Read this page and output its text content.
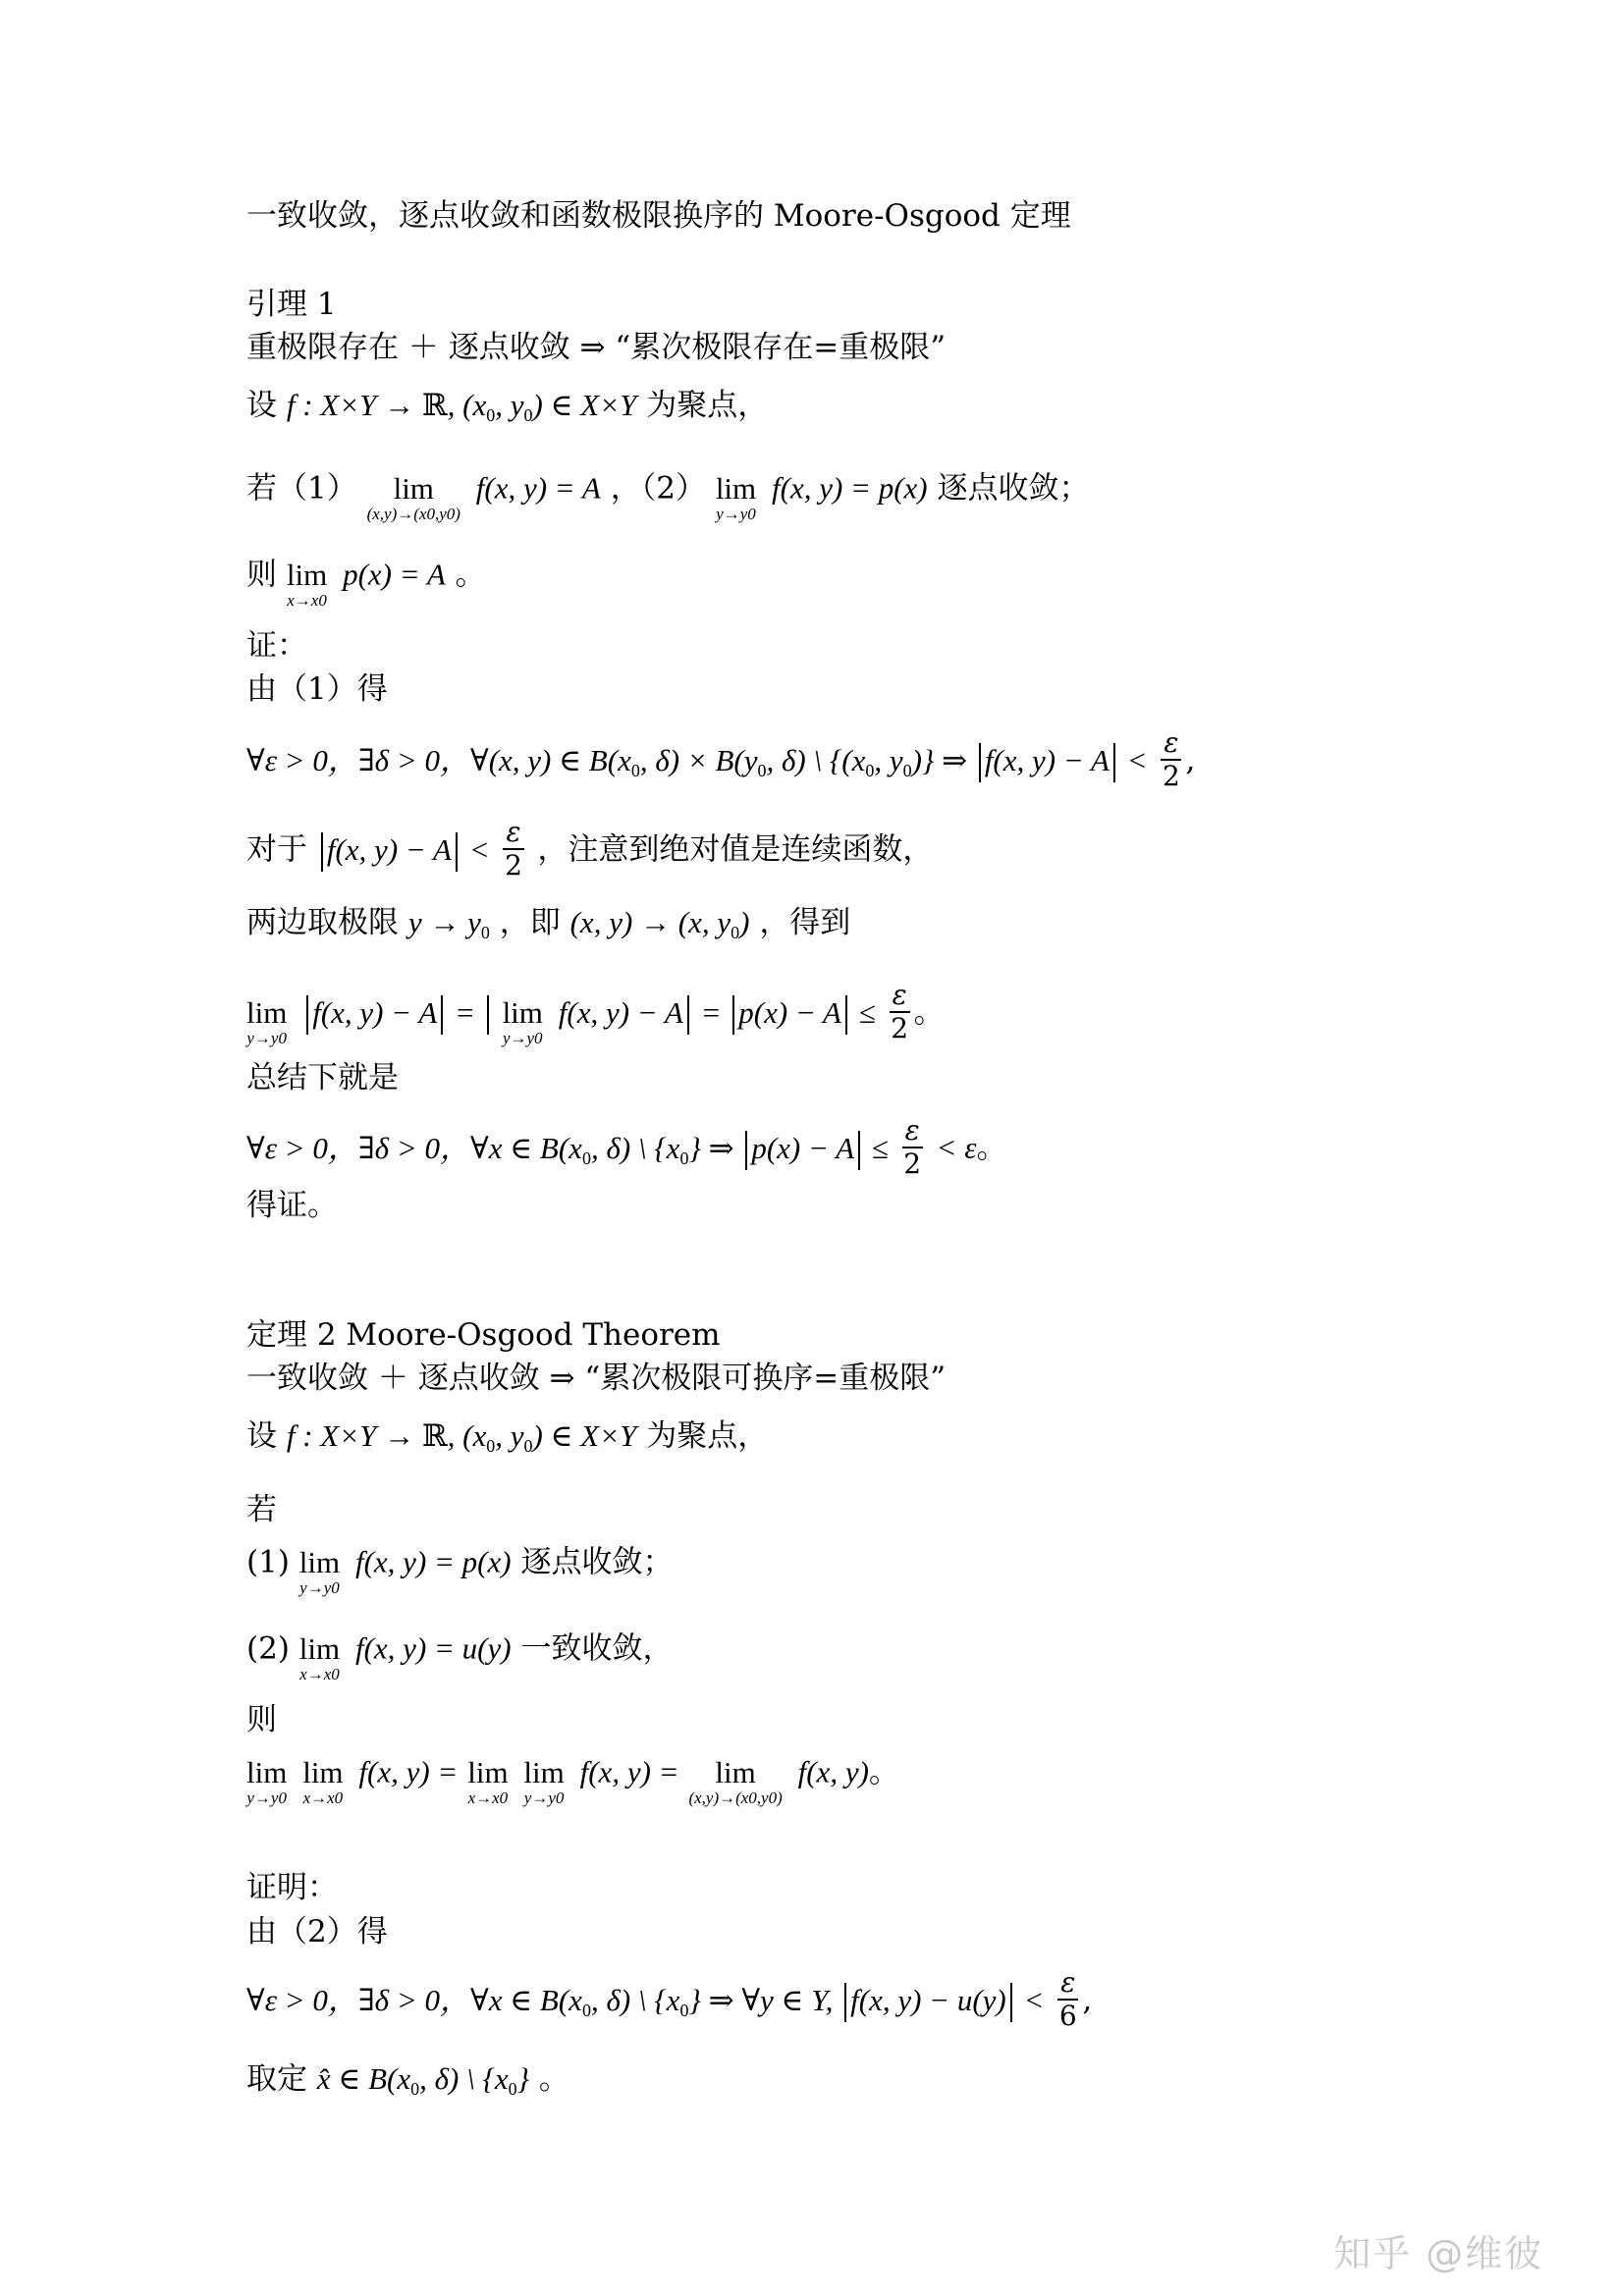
一致收敛，逐点收敛和函数极限换序的 Moore-Osgood 定理
引理 1
重极限存在 ＋ 逐点收敛 ⇒ “累次极限存在=重极限”
设 f : X×Y → ℝ, ($x_0$, $y_0$) ∈ X×Y 为聚点，
若（1）	lim
(x,y)→(x0,y0)
f(x, y) = A ，（2） lim
y→y0
f(x, y) = p(x) 逐点收敛；
则 lim
x→x0
p(x) = A 。
证：
由（1）得
∀ε > 0，∃δ > 0，∀(x, y) ∈ $B(x_0$, $\delta) \times B(y_0$, δ) \ {($x_0$, $y_0$)} ⇒ f(x, $y) - A < \frac{\varepsilon}{2}$ ,
对于 f(x, $y) - A < \frac{\varepsilon}{2}$ ，注意到绝对值是连续函数，
两边取极限 $y \to y_0$ ，即 (x, y) → (x, $y_0$) ，得到
lim
y→y0
f(x, y) − A = lim
y→y0
f(x, $y) - A = p(x) - A \le \frac{\varepsilon}{2}$ 。
总结下就是
∀ε > 0，∃δ > 0，∀x ∈ $B(x_0$, δ) \ $\{x_0\}$ ⇒ $p(x) - A \le \frac{\varepsilon}{2} < \varepsilon$。
得证。
定理 2 Moore-Osgood Theorem
一致收敛 ＋ 逐点收敛 ⇒ “累次极限可换序=重极限”
设 f : X×Y → ℝ, ($x_0$, $y_0$) ∈ X×Y 为聚点，
若
(1) lim
y→y0
f(x, y) = p(x) 逐点收敛；
(2) lim
x→x0
f(x, y) = u(y) 一致收敛，
则
lim
y→y0

lim
x→x0
f(x, y) = lim
x→x0

lim
y→y0
f(x, y) =	lim
(x,y)→(x0,y0)
f(x, y)。
证明：
由（2）得
∀ε > 0，∃δ > 0，∀x ∈ $B(x_0$, δ) \ $\{x_0\}$ ⇒ ∀y ∈ Y, f(x, $y) - u(y) < \frac{\varepsilon}{6}$ ,
取定 x̂ ∈ $B(x_0$, δ) \ $\{x_0\}$ 。
知乎 @维彼
